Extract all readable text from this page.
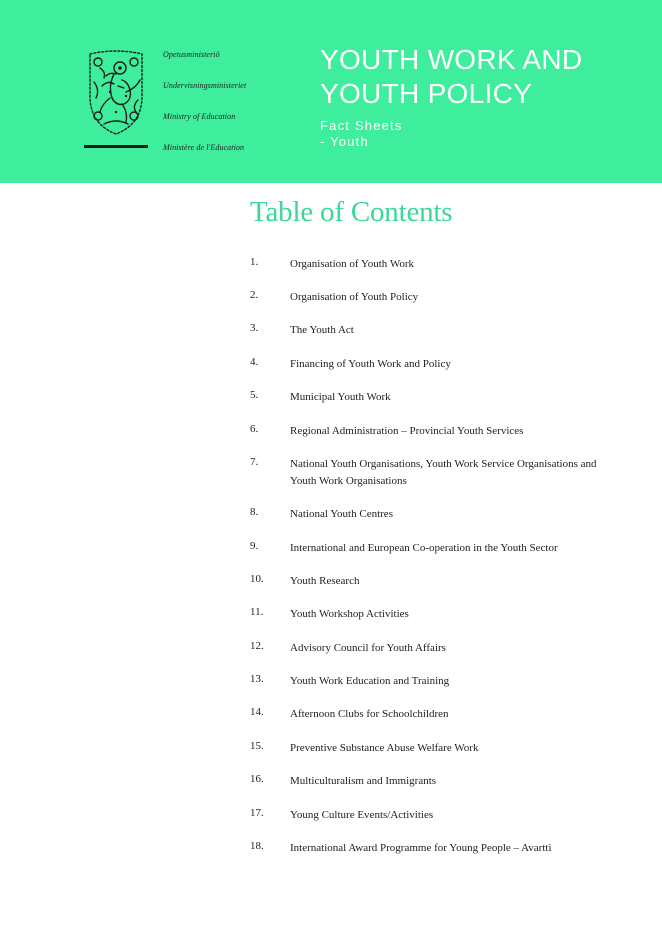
Opetusministeriö
Undervisningsministeriet
Ministry of Education
Ministère de l'Education
YOUTH WORK AND
YOUTH POLICY
Fact Sheets
- Youth
Table of Contents
1.	Organisation of Youth Work
2.	Organisation of Youth Policy
3.	The Youth Act
4.	Financing of Youth Work and Policy
5.	Municipal Youth Work
6.	Regional Administration – Provincial Youth Services
7.	National Youth Organisations, Youth Work Service Organisations and Youth Work Organisations
8.	National Youth Centres
9.	International and European Co-operation in the Youth Sector
10.	Youth Research
11.	Youth Workshop Activities
12.	Advisory Council for Youth Affairs
13.	Youth Work Education and Training
14.	Afternoon Clubs for Schoolchildren
15.	Preventive Substance Abuse Welfare Work
16.	Multiculturalism and Immigrants
17.	Young Culture Events/Activities
18.	International Award Programme for Young People – Avartti
